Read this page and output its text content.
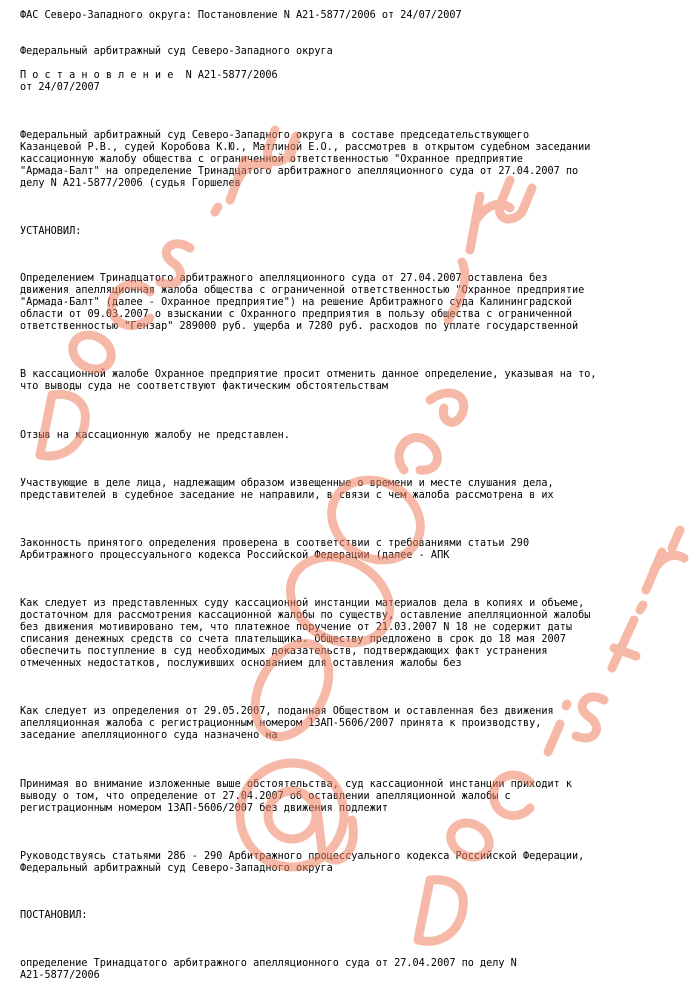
ФАС Северо-Западного округа: Постановление N А21-5877/2006 от 24/07/2007
Федеральный арбитражный суд Северо-Западного округа
П о с т а н о в л е н и е  N А21-5877/2006
от 24/07/2007
Федеральный арбитражный суд Северо-Западного округа в составе председательствующего
Казанцевой Р.В., судей Коробова К.Ю., Матлиной Е.О., рассмотрев в открытом судебном заседании
кассационную жалобу общества с ограниченной ответственностью "Охранное предприятие
"Армада-Балт" на определение Тринадцатого арбитражного апелляционного суда от 27.04.2007 по
делу N А21-5877/2006 (судья Горшелев
УСТАНОВИЛ:
Определением Тринадцатого арбитражного апелляционного суда от 27.04.2007 оставлена без
движения апелляционная жалоба общества с ограниченной ответственностью "Охранное предприятие
"Армада-Балт" (далее - Охранное предприятие") на решение Арбитражного суда Калининградской
области от 09.03.2007 о взыскании с Охранного предприятия в пользу общества с ограниченной
ответственностью "Гензар" 289000 руб. ущерба и 7280 руб. расходов по уплате государственной
В кассационной жалобе Охранное предприятие просит отменить данное определение, указывая на то,
что выводы суда не соответствуют фактическим обстоятельствам
Отзыв на кассационную жалобу не представлен.
Участвующие в деле лица, надлежащим образом извещенные о времени и месте слушания дела,
представителей в судебное заседание не направили, в связи с чем жалоба рассмотрена в их
Законность принятого определения проверена в соответствии с требованиями статьи 290
Арбитражного процессуального кодекса Российской Федерации (далее - АПК
Как следует из представленных суду кассационной инстанции материалов дела в копиях и объеме,
достаточном для рассмотрения кассационной жалобы по существу, оставление апелляционной жалобы
без движения мотивировано тем, что платежное поручение от 21.03.2007 N 18 не содержит даты
списания денежных средств со счета плательщика. Обществу предложено в срок до 18 мая 2007
обеспечить поступление в суд необходимых доказательств, подтверждающих факт устранения
отмеченных недостатков, послуживших основанием для оставления жалобы без
Как следует из определения от 29.05.2007, поданная Обществом и оставленная без движения
апелляционная жалоба с регистрационным номером 13АП-5606/2007 принята к производству,
заседание апелляционного суда назначено на
Принимая во внимание изложенные выше обстоятельства, суд кассационной инстанции приходит к
выводу о том, что определение от 27.04.2007 об оставлении апелляционной жалобы с
регистрационным номером 13АП-5606/2007 без движения подлежит
Руководствуясь статьями 286 - 290 Арбитражного процессуального кодекса Российской Федерации,
Федеральный арбитражный суд Северо-Западного округа
ПОСТАНОВИЛ:
определение Тринадцатого арбитражного апелляционного суда от 27.04.2007 по делу N
А21-5877/2006
